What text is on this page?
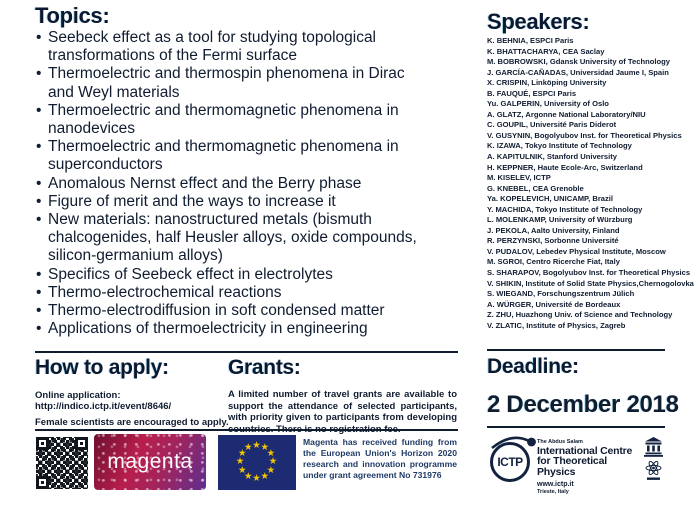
Topics:
• Seebeck effect as a tool for studying topological transformations of the Fermi surface
• Thermoelectric and thermospin phenomena in Dirac and Weyl materials
• Thermoelectric and thermomagnetic phenomena in nanodevices
• Thermoelectric and thermomagnetic phenomena in superconductors
• Anomalous Nernst effect and the Berry phase
• Figure of merit and the ways to increase it
• New materials: nanostructured metals (bismuth chalcogenides, half Heusler alloys, oxide compounds, silicon-germanium alloys)
• Specifics of Seebeck effect in electrolytes
• Thermo-electrochemical reactions
• Thermo-electrodiffusion in soft condensed matter
• Applications of thermoelectricity in engineering
Speakers:
K. BEHNIA, ESPCI Paris
K. BHATTACHARYA, CEA Saclay
M. BOBROWSKI, Gdansk University of Technology
J. GARCÍA-CAÑADAS, Universidad Jaume I, Spain
X. CRISPIN, Linköping University
B. FAUQUÉ, ESPCI Paris
Yu. GALPERIN, University of Oslo
A. GLATZ, Argonne National Laboratory/NIU
C. GOUPIL, Université Paris Diderot
V. GUSYNIN, Bogolyubov Inst. for Theoretical Physics
K. IZAWA, Tokyo Institute of Technology
A. KAPITULNIK, Stanford University
H. KEPPNER, Haute Ecole-Arc, Switzerland
M. KISELEV, ICTP
G. KNEBEL, CEA Grenoble
Ya. KOPELEVICH, UNICAMP, Brazil
Y. MACHIDA, Tokyo Institute of Technology
L. MOLENKAMP, University of Würzburg
J. PEKOLA, Aalto University, Finland
R. PERZYNSKI, Sorbonne Université
V. PUDALOV, Lebedev Physical Institute, Moscow
M. SGROI, Centro Ricerche Fiat, Italy
S. SHARAPOV, Bogolyubov Inst. for Theoretical Physics
V. SHIKIN, Institute of Solid State Physics,Chernogolovka
S. WIEGAND, Forschungszentrum Jülich
A. WÜRGER, Université de Bordeaux
Z. ZHU, Huazhong Univ. of Science and Technology
V. ZLATIC, Institute of Physics, Zagreb
How to apply:
Online application:
http://indico.ictp.it/event/8646/
Female scientists are encouraged to apply.
Grants:
A limited number of travel grants are available to support the attendance of selected participants, with priority given to participants from developing countries. There is no registration fee.
magenta
★ ★
★
★
★
★
★
★
★
★
★
★	Magenta has received funding from the European Union's Horizon 2020 research and innovation programme under grant agreement No 731976
Deadline:
2 December 2018
ICTP
The Abdus Salam
International Centre
for Theoretical Physics
www.ictp.it
Trieste, Italy
